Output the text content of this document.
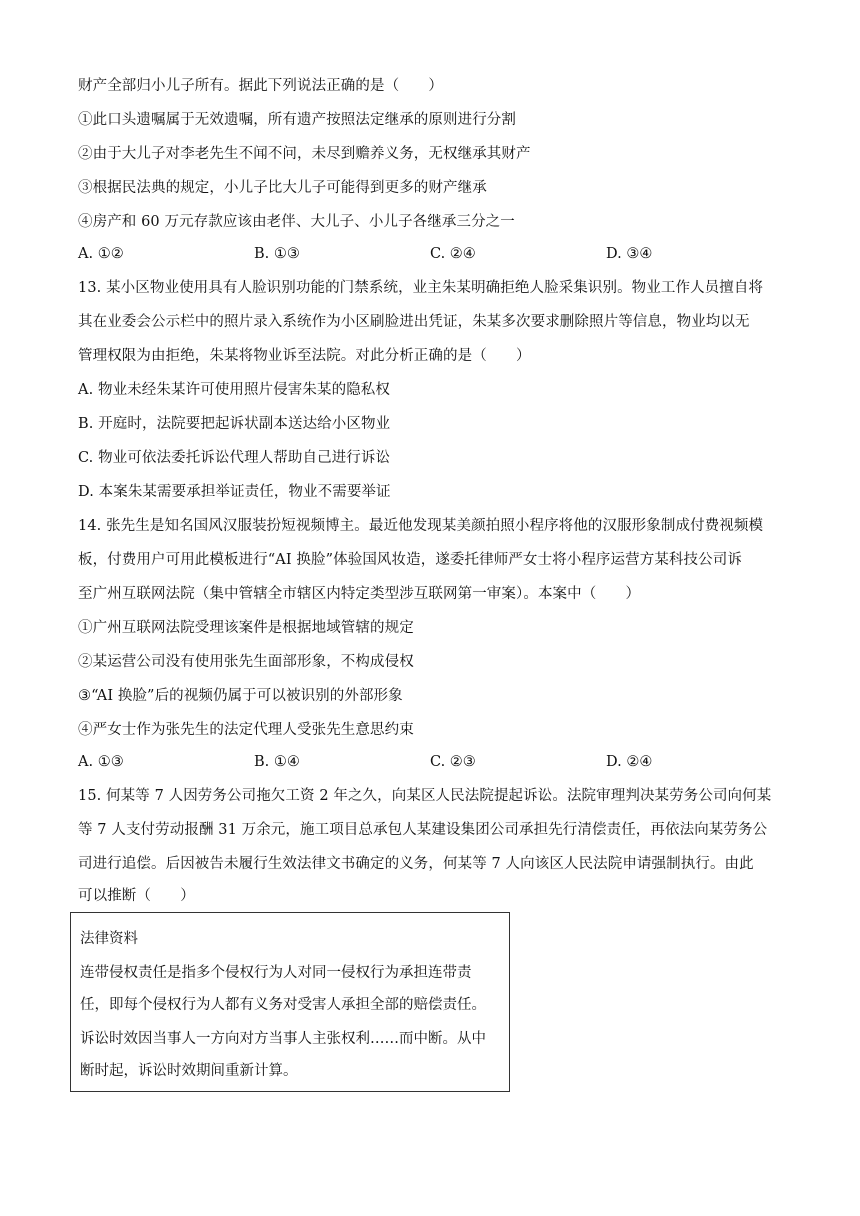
财产全部归小儿子所有。据此下列说法正确的是（　　）
①此口头遗嘱属于无效遗嘱，所有遗产按照法定继承的原则进行分割
②由于大儿子对李老先生不闻不问，未尽到赡养义务，无权继承其财产
③根据民法典的规定，小儿子比大儿子可能得到更多的财产继承
④房产和 60 万元存款应该由老伴、大儿子、小儿子各继承三分之一
A. ①②	B. ①③	C. ②④	D. ③④
13. 某小区物业使用具有人脸识别功能的门禁系统，业主朱某明确拒绝人脸采集识别。物业工作人员擅自将
其在业委会公示栏中的照片录入系统作为小区刷脸进出凭证，朱某多次要求删除照片等信息，物业均以无
管理权限为由拒绝，朱某将物业诉至法院。对此分析正确的是（　　）
A. 物业未经朱某许可使用照片侵害朱某的隐私权
B. 开庭时，法院要把起诉状副本送达给小区物业
C. 物业可依法委托诉讼代理人帮助自己进行诉讼
D. 本案朱某需要承担举证责任，物业不需要举证
14. 张先生是知名国风汉服装扮短视频博主。最近他发现某美颜拍照小程序将他的汉服形象制成付费视频模
板，付费用户可用此模板进行“AI 换脸”体验国风妆造，遂委托律师严女士将小程序运营方某科技公司诉
至广州互联网法院（集中管辖全市辖区内特定类型涉互联网第一审案）。本案中（　　）
①广州互联网法院受理该案件是根据地域管辖的规定
②某运营公司没有使用张先生面部形象，不构成侵权
③“AI 换脸”后的视频仍属于可以被识别的外部形象
④严女士作为张先生的法定代理人受张先生意思约束
A. ①③	B. ①④	C. ②③	D. ②④
15. 何某等 7 人因劳务公司拖欠工资 2 年之久，向某区人民法院提起诉讼。法院审理判决某劳务公司向何某
等 7 人支付劳动报酬 31 万余元，施工项目总承包人某建设集团公司承担先行清偿责任，再依法向某劳务公
司进行追偿。后因被告未履行生效法律文书确定的义务，何某等 7 人向该区人民法院申请强制执行。由此
可以推断（　　）
法律资料
连带侵权责任是指多个侵权行为人对同一侵权行为承担连带责
任，即每个侵权行为人都有义务对受害人承担全部的赔偿责任。
诉讼时效因当事人一方向对方当事人主张权利……而中断。从中
断时起，诉讼时效期间重新计算。
